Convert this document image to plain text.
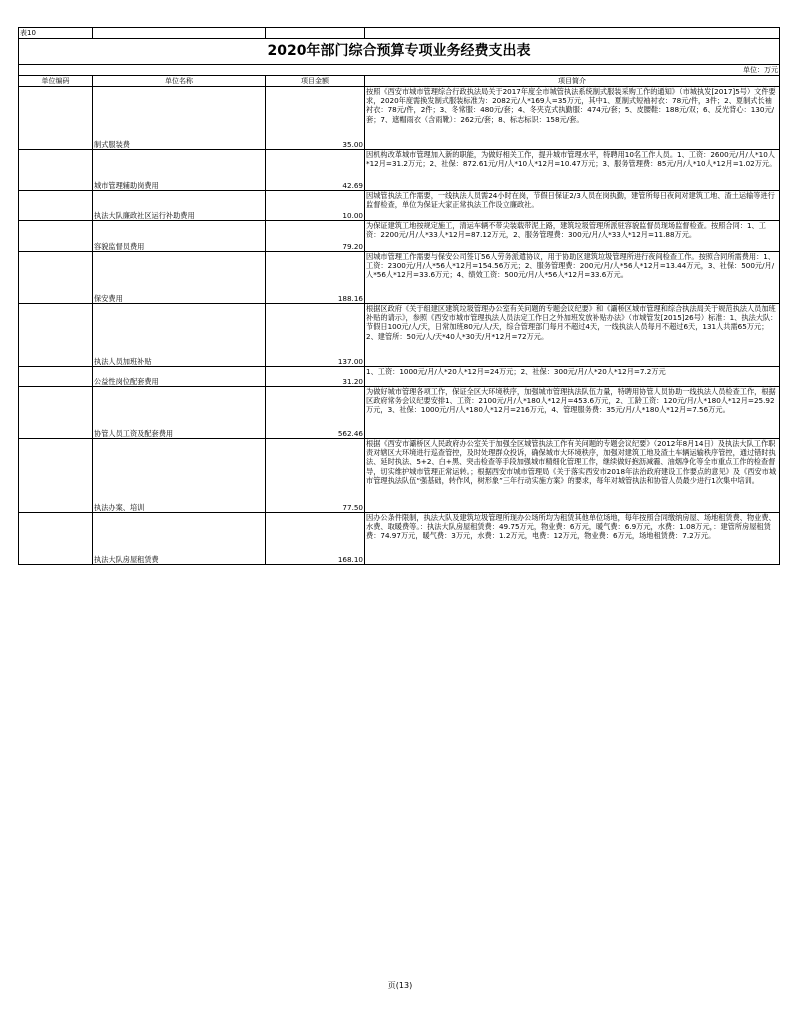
表10			
2020年部门综合预算专项业务经费支出表			
单位：万元			
单位编码	单位名称	项目金额	项目简介
	制式服装费	35.00	按照《西安市城市管理综合行政执法局关于2017年度全市城管执法系统制式服装采购工作的通知》（市城执发[2017]5号）文件要求，2020年度需换发制式服装标准为：2082元/人*169人=35万元，其中1、夏制式短袖衬衣：78元/件，3件；2、夏制式长袖衬衣：78元/件，2件；3、冬常服：480元/套；4、冬夹克式执勤服：474元/套；5、皮腰鞋：188元/双；6、反光背心：130元/套；7、遮帽雨衣（含雨靴）：262元/套；8、标志标识：158元/套。
	城市管理辅助岗费用	42.69	因机构改革城市管理加入新的职能，为做好相关工作，提升城市管理水平，特聘用10名工作人员。1、工资：2600元/月/人*10人*12月=31.2万元；2、社保：872.61元/月/人*10人*12月=10.47万元；3、服务管理费：85元/月/人*10人*12月=1.02万元。
	执法大队廉政社区运行补助费用	10.00	因城管执法工作需要，一线执法人员需24小时在岗，节假日保证2/3人员在岗执勤，建管所每日夜间对建筑工地、渣土运输等进行监督检查，单位为保证大家正常执法工作设立廉政社。
	容貌监督员费用	79.20	为保证建筑工地按规定施工，清运车辆不带尖装载带泥上路，建筑垃圾管理所派驻容貌监督员现场监督检查。按照合同：1、工资：2200元/月/人*33人*12月=87.12万元，2、服务管理费：300元/月/人*33人*12月=11.88万元。
	保安费用	188.16	因城市管理工作需要与保安公司签订56人劳务派遣协议，用于协助区建筑垃圾管理所进行夜间检查工作。按照合同所需费用：1、工资：2300元/月/人*56人*12月=154.56万元；2、服务管理费：200元/月/人*56人*12月=13.44万元，3、社保：500元/月/人*56人*12月=33.6万元；4、绩效工资：500元/月/人*56人*12月=33.6万元。
	执法人员加班补贴	137.00	根据区政府《关于组建区建筑垃圾管理办公室有关问题的专题会议纪要》和《灞桥区城市管理和综合执法局关于规范执法人员加班补贴的请示》，参照《西安市城市管理执法人员法定工作日之外加班发放补贴办法》（市城管发[2015]26号）标准：1、执法大队：节假日100元/人/天，日常加班80元/人/天，综合管理部门每月不超过4天，一线执法人员每月不超过6天，131人共需65万元；2、建管所：50元/人/天*40人*30天/月*12月=72万元。
	公益性岗位配套费用	31.20	1、工资：1000元/月/人*20人*12月=24万元；2、社保：300元/月/人*20人*12月=7.2万元
	协管人员工资及配套费用	562.46	为做好城市管理各项工作，保证全区大环境秩序，加强城市管理执法队伍力量，特聘用协管人员协助一线执法人员检查工作，根据区政府常务会议纪要安排1、工资：2100元/月/人*180人*12月=453.6万元，2、工龄工资：120元/月/人*180人*12月=25.92万元，3、社保：1000元/月/人*180人*12月=216万元，4、管理服务费：35元/月/人*180人*12月=7.56万元。
	执法办案、培训	77.50	根据《西安市灞桥区人民政府办公室关于加强全区城管执法工作有关问题的专题会议纪要》（2012年8月14日）及执法大队工作职责对辖区大环境进行巡查管控，及时处理群众投诉，确保城市大环境秩序，加强对建筑工地及渣土车辆运输秩序管控，通过错时执法、延时执法、5+2、白+黑、突击检查等手段加强城市精细化管理工作，继续做好抱沥减霾、油烟净化等全市重点工作的检查督导，切实维护城市管理正常运转。；根据西安市城市管理局《关于落实西安市2018年法治政府建设工作要点的意见》及《西安市城市管理执法队伍“强基础，转作风，树形象”三年行动实施方案》的要求，每年对城管执法和协管人员最少进行1次集中培训。
	执法大队房屋租赁费	168.10	因办公条件限制，执法大队及建筑垃圾管理所现办公场所均为租赁其他单位场地，每年按照合同缴纳房屋、场地租赁费、物业费、水费、取暖费等。：执法大队房屋租赁费：49.75万元，物业费：6万元，暖气费：6.9万元，水费：1.08万元，：建管所房屋租赁费：74.97万元，暖气费：3万元，水费：1.2万元，电费：12万元，物业费：6万元，场地租赁费：7.2万元。
页(13)
